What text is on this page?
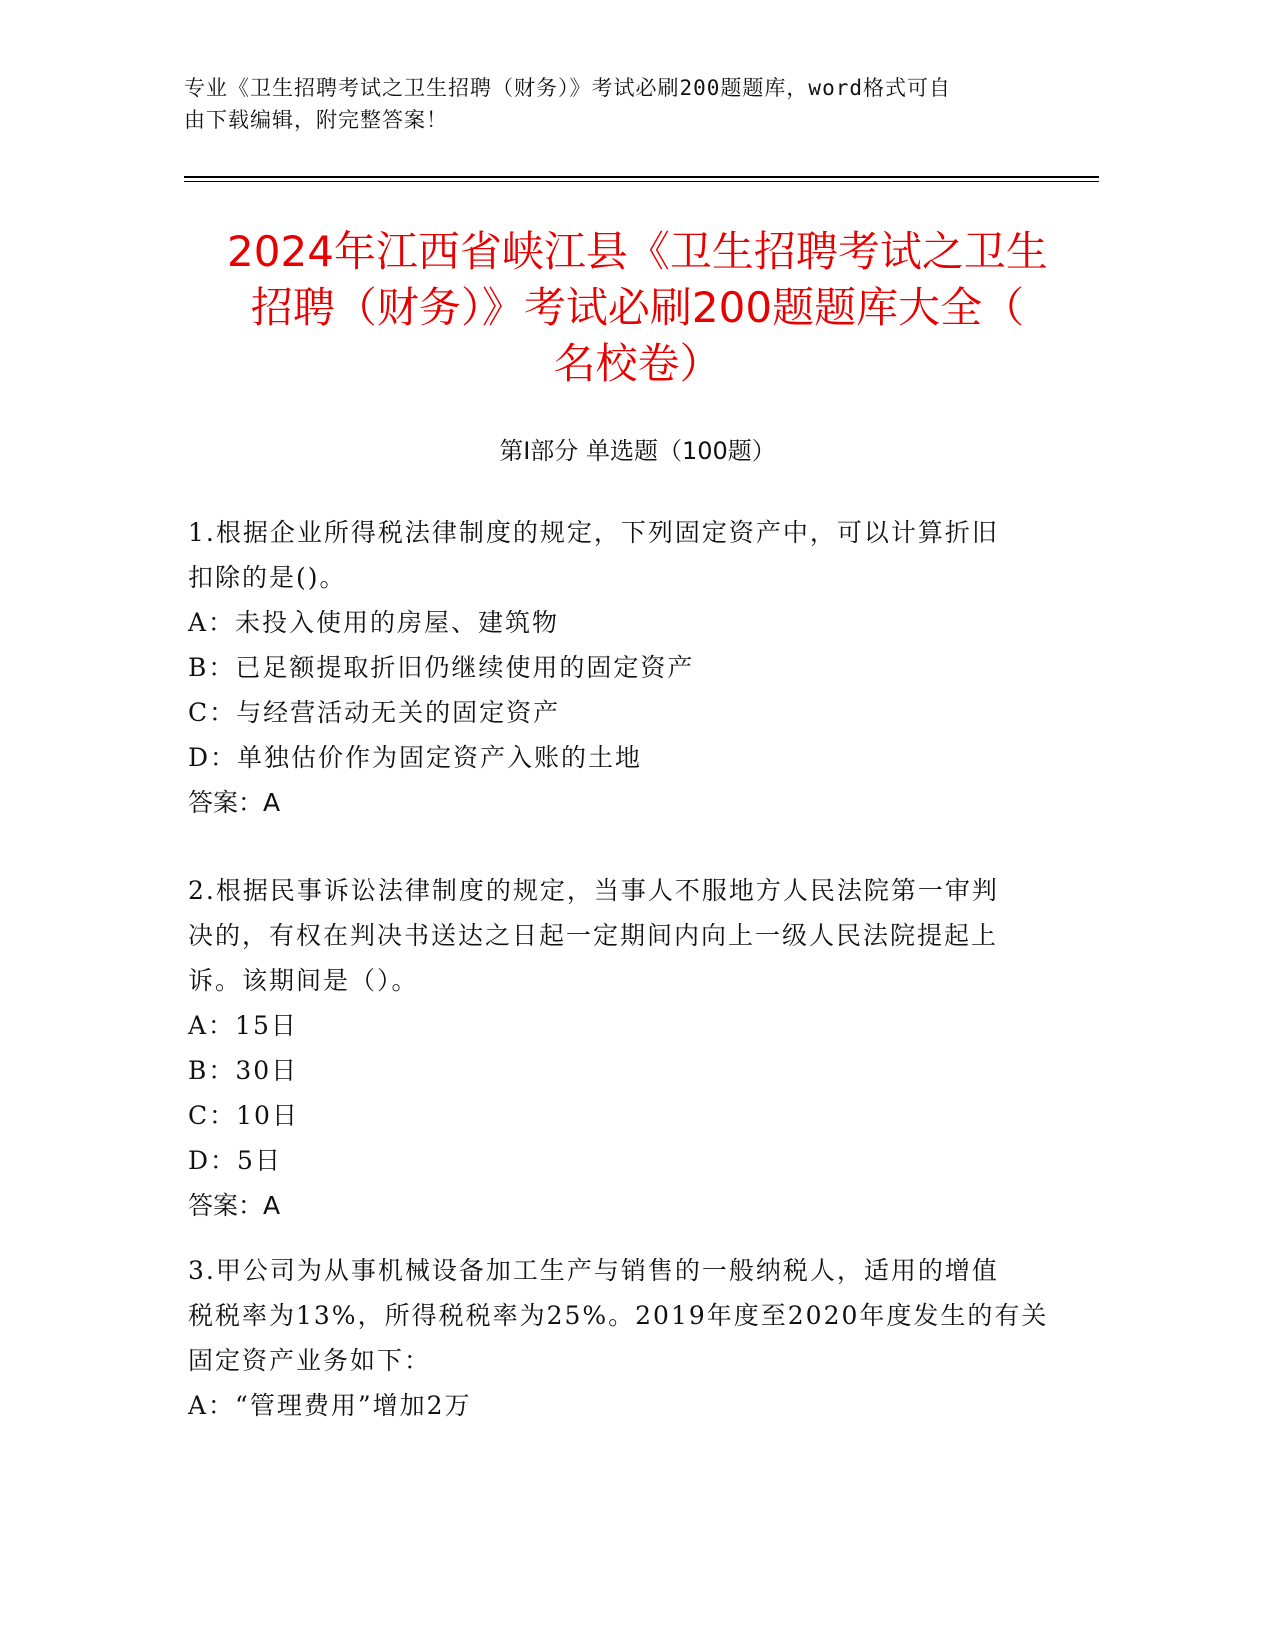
专业《卫生招聘考试之卫生招聘（财务）》考试必刷200题题库，word格式可自
由下载编辑，附完整答案！
2024年江西省峡江县《卫生招聘考试之卫生
招聘（财务）》考试必刷200题题库大全（
名校卷）
第Ⅰ部分 单选题（100题）
1.根据企业所得税法律制度的规定，下列固定资产中，可以计算折旧
扣除的是()。
A：未投入使用的房屋、建筑物
B：已足额提取折旧仍继续使用的固定资产
C：与经营活动无关的固定资产
D：单独估价作为固定资产入账的土地
答案：A
2.根据民事诉讼法律制度的规定，当事人不服地方人民法院第一审判
决的，有权在判决书送达之日起一定期间内向上一级人民法院提起上
诉。该期间是（）。
A：15日
B：30日
C：10日
D：5日
答案：A
3.甲公司为从事机械设备加工生产与销售的一般纳税人，适用的增值
税税率为13%，所得税税率为25%。2019年度至2020年度发生的有关
固定资产业务如下：
A：“管理费用”增加2万
